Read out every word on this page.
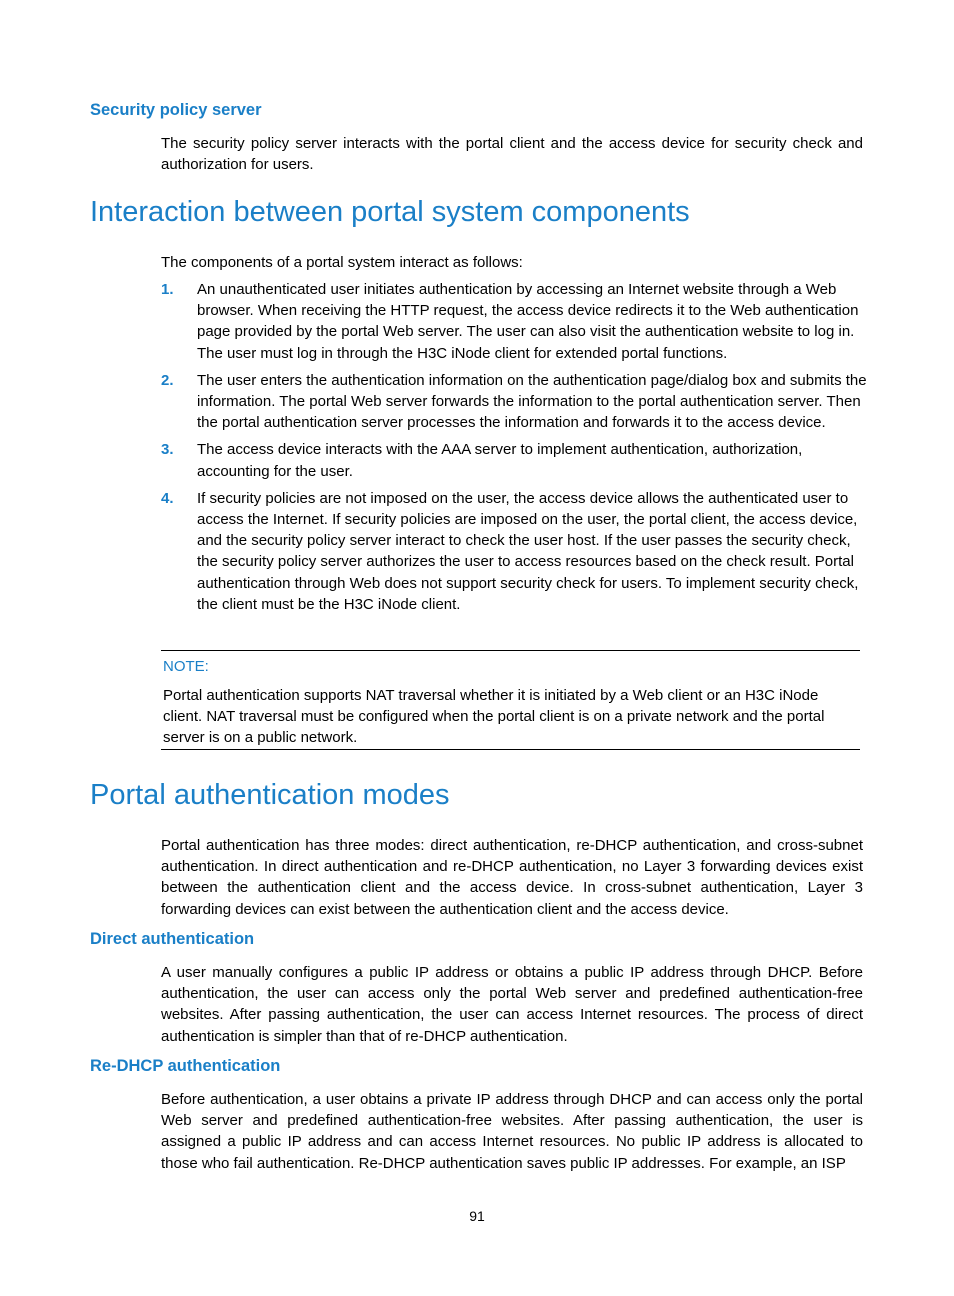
Security policy server

The security policy server interacts with the portal client and the access device for security check and authorization for users.

Interaction between portal system components

The components of a portal system interact as follows:

1. An unauthenticated user initiates authentication by accessing an Internet website through a Web browser. When receiving the HTTP request, the access device redirects it to the Web authentication page provided by the portal Web server. The user can also visit the authentication website to log in. The user must log in through the H3C iNode client for extended portal functions.
2. The user enters the authentication information on the authentication page/dialog box and submits the information. The portal Web server forwards the information to the portal authentication server. Then the portal authentication server processes the information and forwards it to the access device.
3. The access device interacts with the AAA server to implement authentication, authorization, accounting for the user.
4. If security policies are not imposed on the user, the access device allows the authenticated user to access the Internet. If security policies are imposed on the user, the portal client, the access device, and the security policy server interact to check the user host. If the user passes the security check, the security policy server authorizes the user to access resources based on the check result. Portal authentication through Web does not support security check for users. To implement security check, the client must be the H3C iNode client.
NOTE:
Portal authentication supports NAT traversal whether it is initiated by a Web client or an H3C iNode client. NAT traversal must be configured when the portal client is on a private network and the portal server is on a public network.
Portal authentication modes

Portal authentication has three modes: direct authentication, re-DHCP authentication, and cross-subnet authentication. In direct authentication and re-DHCP authentication, no Layer 3 forwarding devices exist between the authentication client and the access device. In cross-subnet authentication, Layer 3 forwarding devices can exist between the authentication client and the access device.

Direct authentication

A user manually configures a public IP address or obtains a public IP address through DHCP. Before authentication, the user can access only the portal Web server and predefined authentication-free websites. After passing authentication, the user can access Internet resources. The process of direct authentication is simpler than that of re-DHCP authentication.

Re-DHCP authentication

Before authentication, a user obtains a private IP address through DHCP and can access only the portal Web server and predefined authentication-free websites. After passing authentication, the user is assigned a public IP address and can access Internet resources. No public IP address is allocated to those who fail authentication. Re-DHCP authentication saves public IP addresses. For example, an ISP

91
